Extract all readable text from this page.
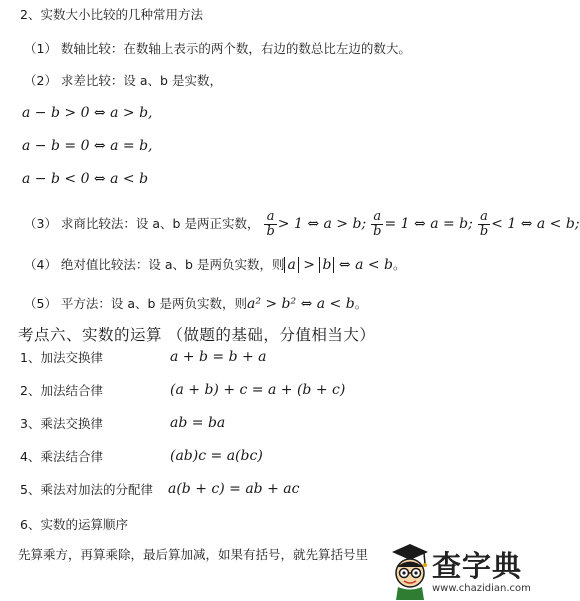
2、实数大小比较的几种常用方法
（1） 数轴比较：在数轴上表示的两个数，右边的数总比左边的数大。
（2） 求差比较：设 a、b 是实数，
a − b > 0 ⇔ a > b,
a − b = 0 ⇔ a = b,
a − b < 0 ⇔ a < b
（3） 求商比较法：设 a、b 是两正实数， $\frac{a}{b} > 1$ ⇔ a > b; $\frac{a}{b} = 1$ ⇔ a = b; $\frac{a}{b} < 1$ ⇔ a < b;
（4） 绝对值比较法：设 a、b 是两负实数，则 a > b ⇔ a < b。
（5） 平方法：设 a、b 是两负实数，则a² > b² ⇔ a < b。
考点六、实数的运算 （做题的基础，分值相当大）
1、加法交换律	a + b = b + a
2、加法结合律	(a + b) + c = a + (b + c)
3、乘法交换律	ab = ba
4、乘法结合律	(ab)c = a(bc)
5、乘法对加法的分配律 a(b + c) = ab + ac
6、实数的运算顺序
先算乘方，再算乘除，最后算加减，如果有括号，就先算括号里 查字典
www.chazidian.com
